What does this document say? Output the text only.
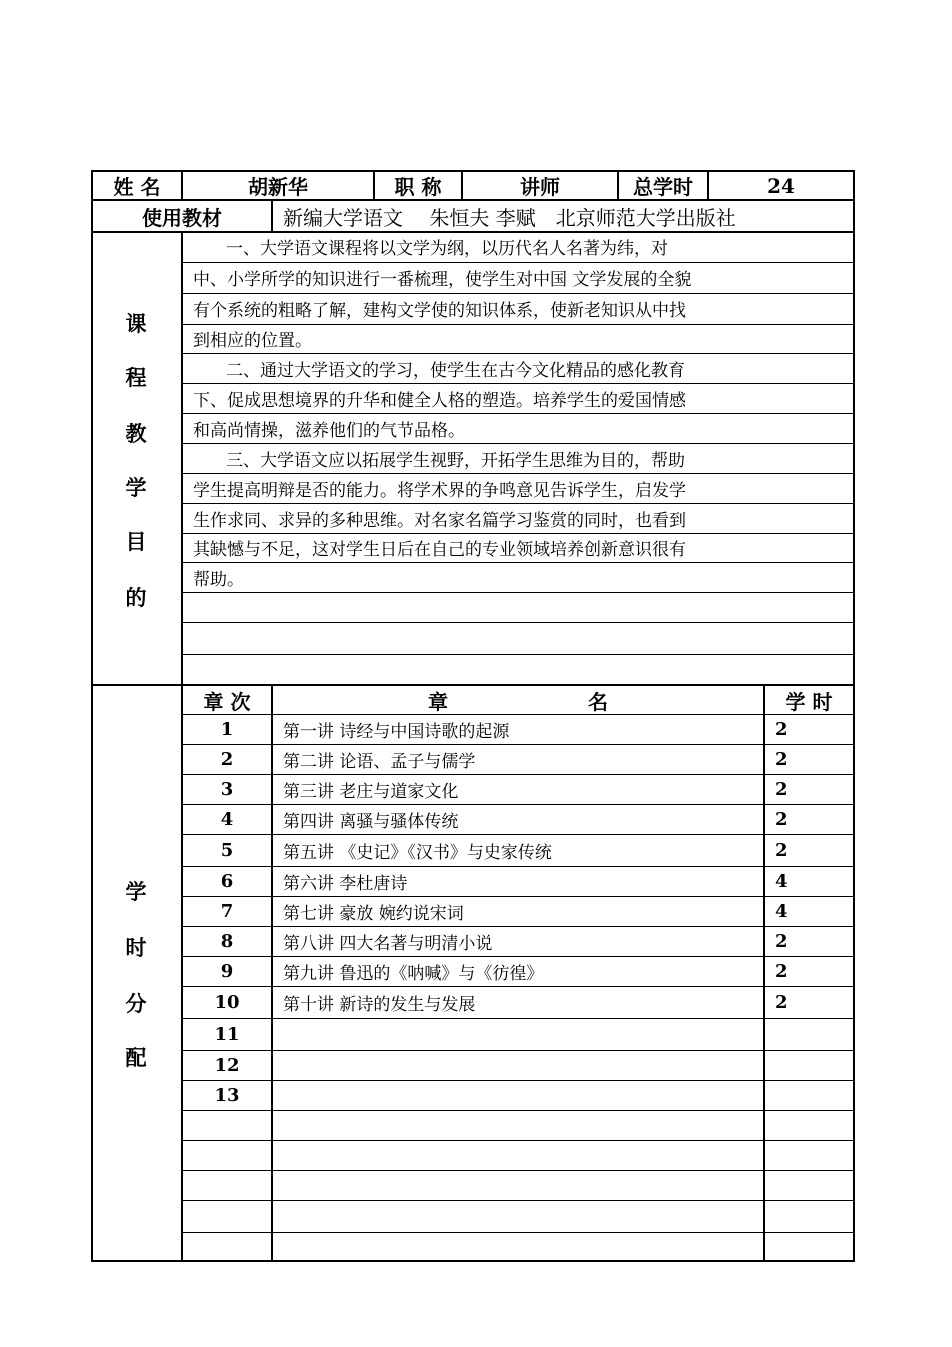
姓 名	胡新华	职 称	讲师	总学时	24
使用教材	新编大学语文　 朱恒夫 李赋　北京师范大学出版社
一、大学语文课程将以文学为纲，以历代名人名著为纬，对
中、小学所学的知识进行一番梳理，使学生对中国 文学发展的全貌
有个系统的粗略了解，建构文学使的知识体系，使新老知识从中找
到相应的位置。
二、通过大学语文的学习，使学生在古今文化精品的感化教育
下、促成思想境界的升华和健全人格的塑造。培养学生的爱国情感
和高尚情操，滋养他们的气节品格。
三、大学语文应以拓展学生视野，开拓学生思维为目的，帮助
学生提高明辩是否的能力。将学术界的争鸣意见告诉学生，启发学
生作求同、求异的多种思维。对名家名篇学习鉴赏的同时，也看到
其缺憾与不足，这对学生日后在自己的专业领域培养创新意识很有
帮助。
课
程
教
学
目
的
章 次	章　　　　　　　名	学 时
1	第一讲 诗经与中国诗歌的起源	2
2	第二讲 论语、孟子与儒学	2
3	第三讲 老庄与道家文化	2
4	第四讲 离骚与骚体传统	2
5	第五讲 《史记》《汉书》与史家传统	2
6	第六讲 李杜唐诗	4
7	第七讲 豪放 婉约说宋词	4
8	第八讲 四大名著与明清小说	2
9	第九讲 鲁迅的《呐喊》与《彷徨》	2
10	第十讲 新诗的发生与发展	2
11
12
13
学
时
分
配
